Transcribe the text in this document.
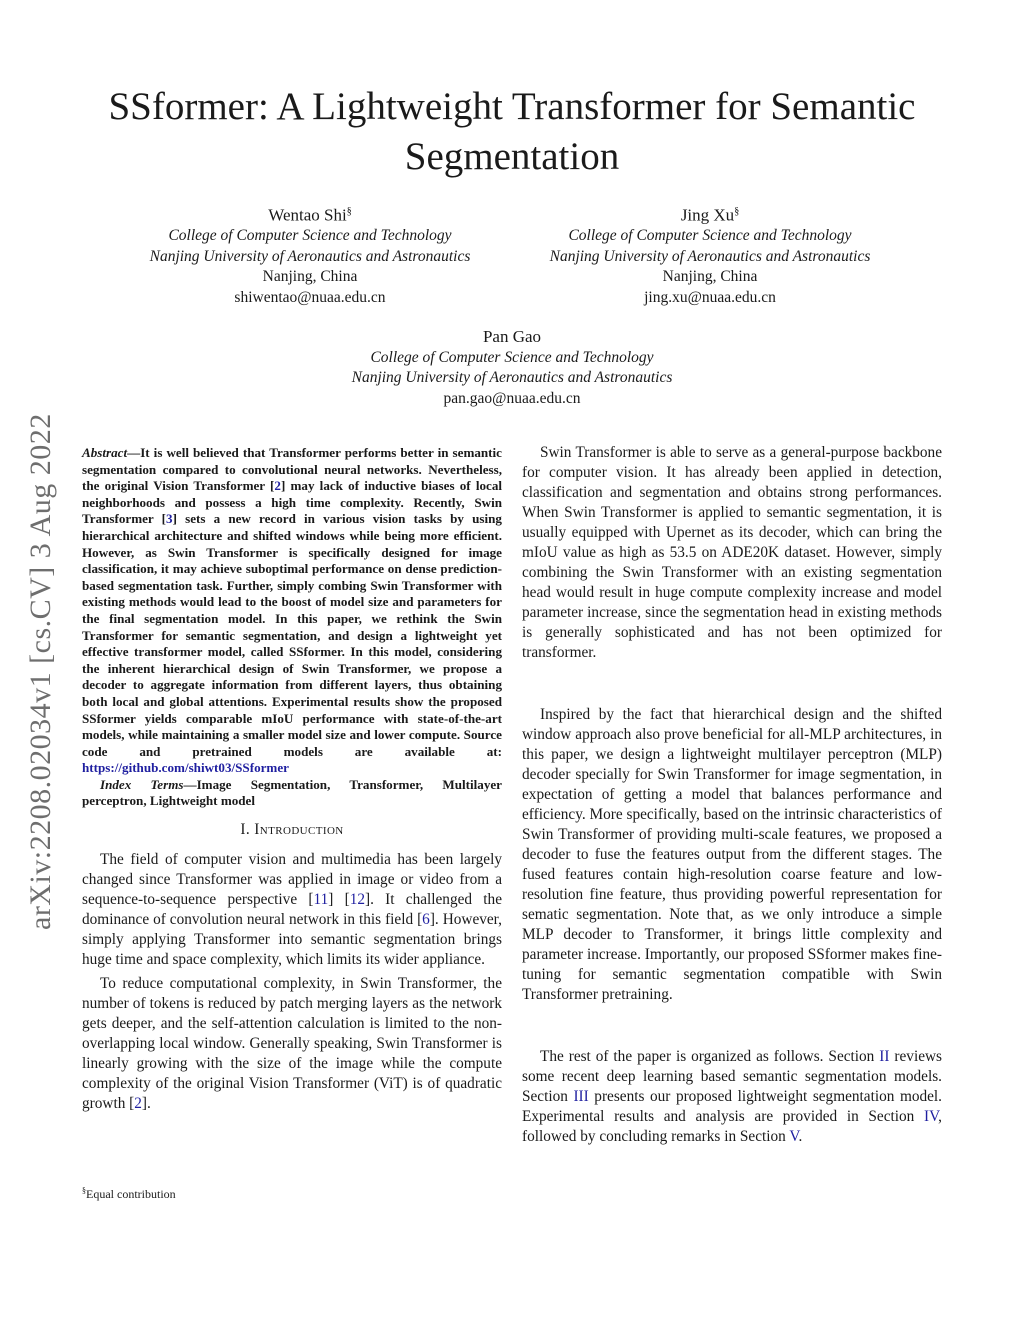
arXiv:2208.02034v1 [cs.CV] 3 Aug 2022
SSformer: A Lightweight Transformer for Semantic Segmentation
Wentao Shi§
College of Computer Science and Technology
Nanjing University of Aeronautics and Astronautics
Nanjing, China
shiwentao@nuaa.edu.cn
Jing Xu§
College of Computer Science and Technology
Nanjing University of Aeronautics and Astronautics
Nanjing, China
jing.xu@nuaa.edu.cn
Pan Gao
College of Computer Science and Technology
Nanjing University of Aeronautics and Astronautics
pan.gao@nuaa.edu.cn

Abstract—It is well believed that Transformer performs better in semantic segmentation compared to convolutional neural networks. Nevertheless, the original Vision Transformer [2] may lack of inductive biases of local neighborhoods and possess a high time complexity. Recently, Swin Transformer [3] sets a new record in various vision tasks by using hierarchical architecture and shifted windows while being more efficient. However, as Swin Transformer is specifically designed for image classification, it may achieve suboptimal performance on dense prediction-based segmentation task. Further, simply combing Swin Transformer with existing methods would lead to the boost of model size and parameters for the final segmentation model. In this paper, we rethink the Swin Transformer for semantic segmentation, and design a lightweight yet effective transformer model, called SSformer. In this model, considering the inherent hierarchical design of Swin Transformer, we propose a decoder to aggregate information from different layers, thus obtaining both local and global attentions. Experimental results show the proposed SSformer yields comparable mIoU performance with state-of-the-art models, while maintaining a smaller model size and lower compute. Source code and pretrained models are available at: https://github.com/shiwt03/SSformer

Index Terms—Image Segmentation, Transformer, Multilayer perceptron, Lightweight model

I. Introduction

The field of computer vision and multimedia has been largely changed since Transformer was applied in image or video from a sequence-to-sequence perspective [11] [12]. It challenged the dominance of convolution neural network in this field [6]. However, simply applying Transformer into semantic segmentation brings huge time and space complexity, which limits its wider appliance.

To reduce computational complexity, in Swin Transformer, the number of tokens is reduced by patch merging layers as the network gets deeper, and the self-attention calculation is limited to the non-overlapping local window. Generally speaking, Swin Transformer is linearly growing with the size of the image while the compute complexity of the original Vision Transformer (ViT) is of quadratic growth [2].

§Equal contribution

Swin Transformer is able to serve as a general-purpose backbone for computer vision. It has already been applied in detection, classification and segmentation and obtains strong performances. When Swin Transformer is applied to semantic segmentation, it is usually equipped with Upernet as its decoder, which can bring the mIoU value as high as 53.5 on ADE20K dataset. However, simply combining the Swin Transformer with an existing segmentation head would result in huge compute complexity increase and model parameter increase, since the segmentation head in existing methods is generally sophisticated and has not been optimized for transformer.

Inspired by the fact that hierarchical design and the shifted window approach also prove beneficial for all-MLP architectures, in this paper, we design a lightweight multilayer perceptron (MLP) decoder specially for Swin Transformer for image segmentation, in expectation of getting a model that balances performance and efficiency. More specifically, based on the intrinsic characteristics of Swin Transformer of providing multi-scale features, we proposed a decoder to fuse the features output from the different stages. The fused features contain high-resolution coarse feature and low-resolution fine feature, thus providing powerful representation for sematic segmentation. Note that, as we only introduce a simple MLP decoder to Transformer, it brings little complexity and parameter increase. Importantly, our proposed SSformer makes fine-tuning for semantic segmentation compatible with Swin Transformer pretraining.

The rest of the paper is organized as follows. Section II reviews some recent deep learning based semantic segmentation models. Section III presents our proposed lightweight segmentation model. Experimental results and analysis are provided in Section IV, followed by concluding remarks in Section V.
